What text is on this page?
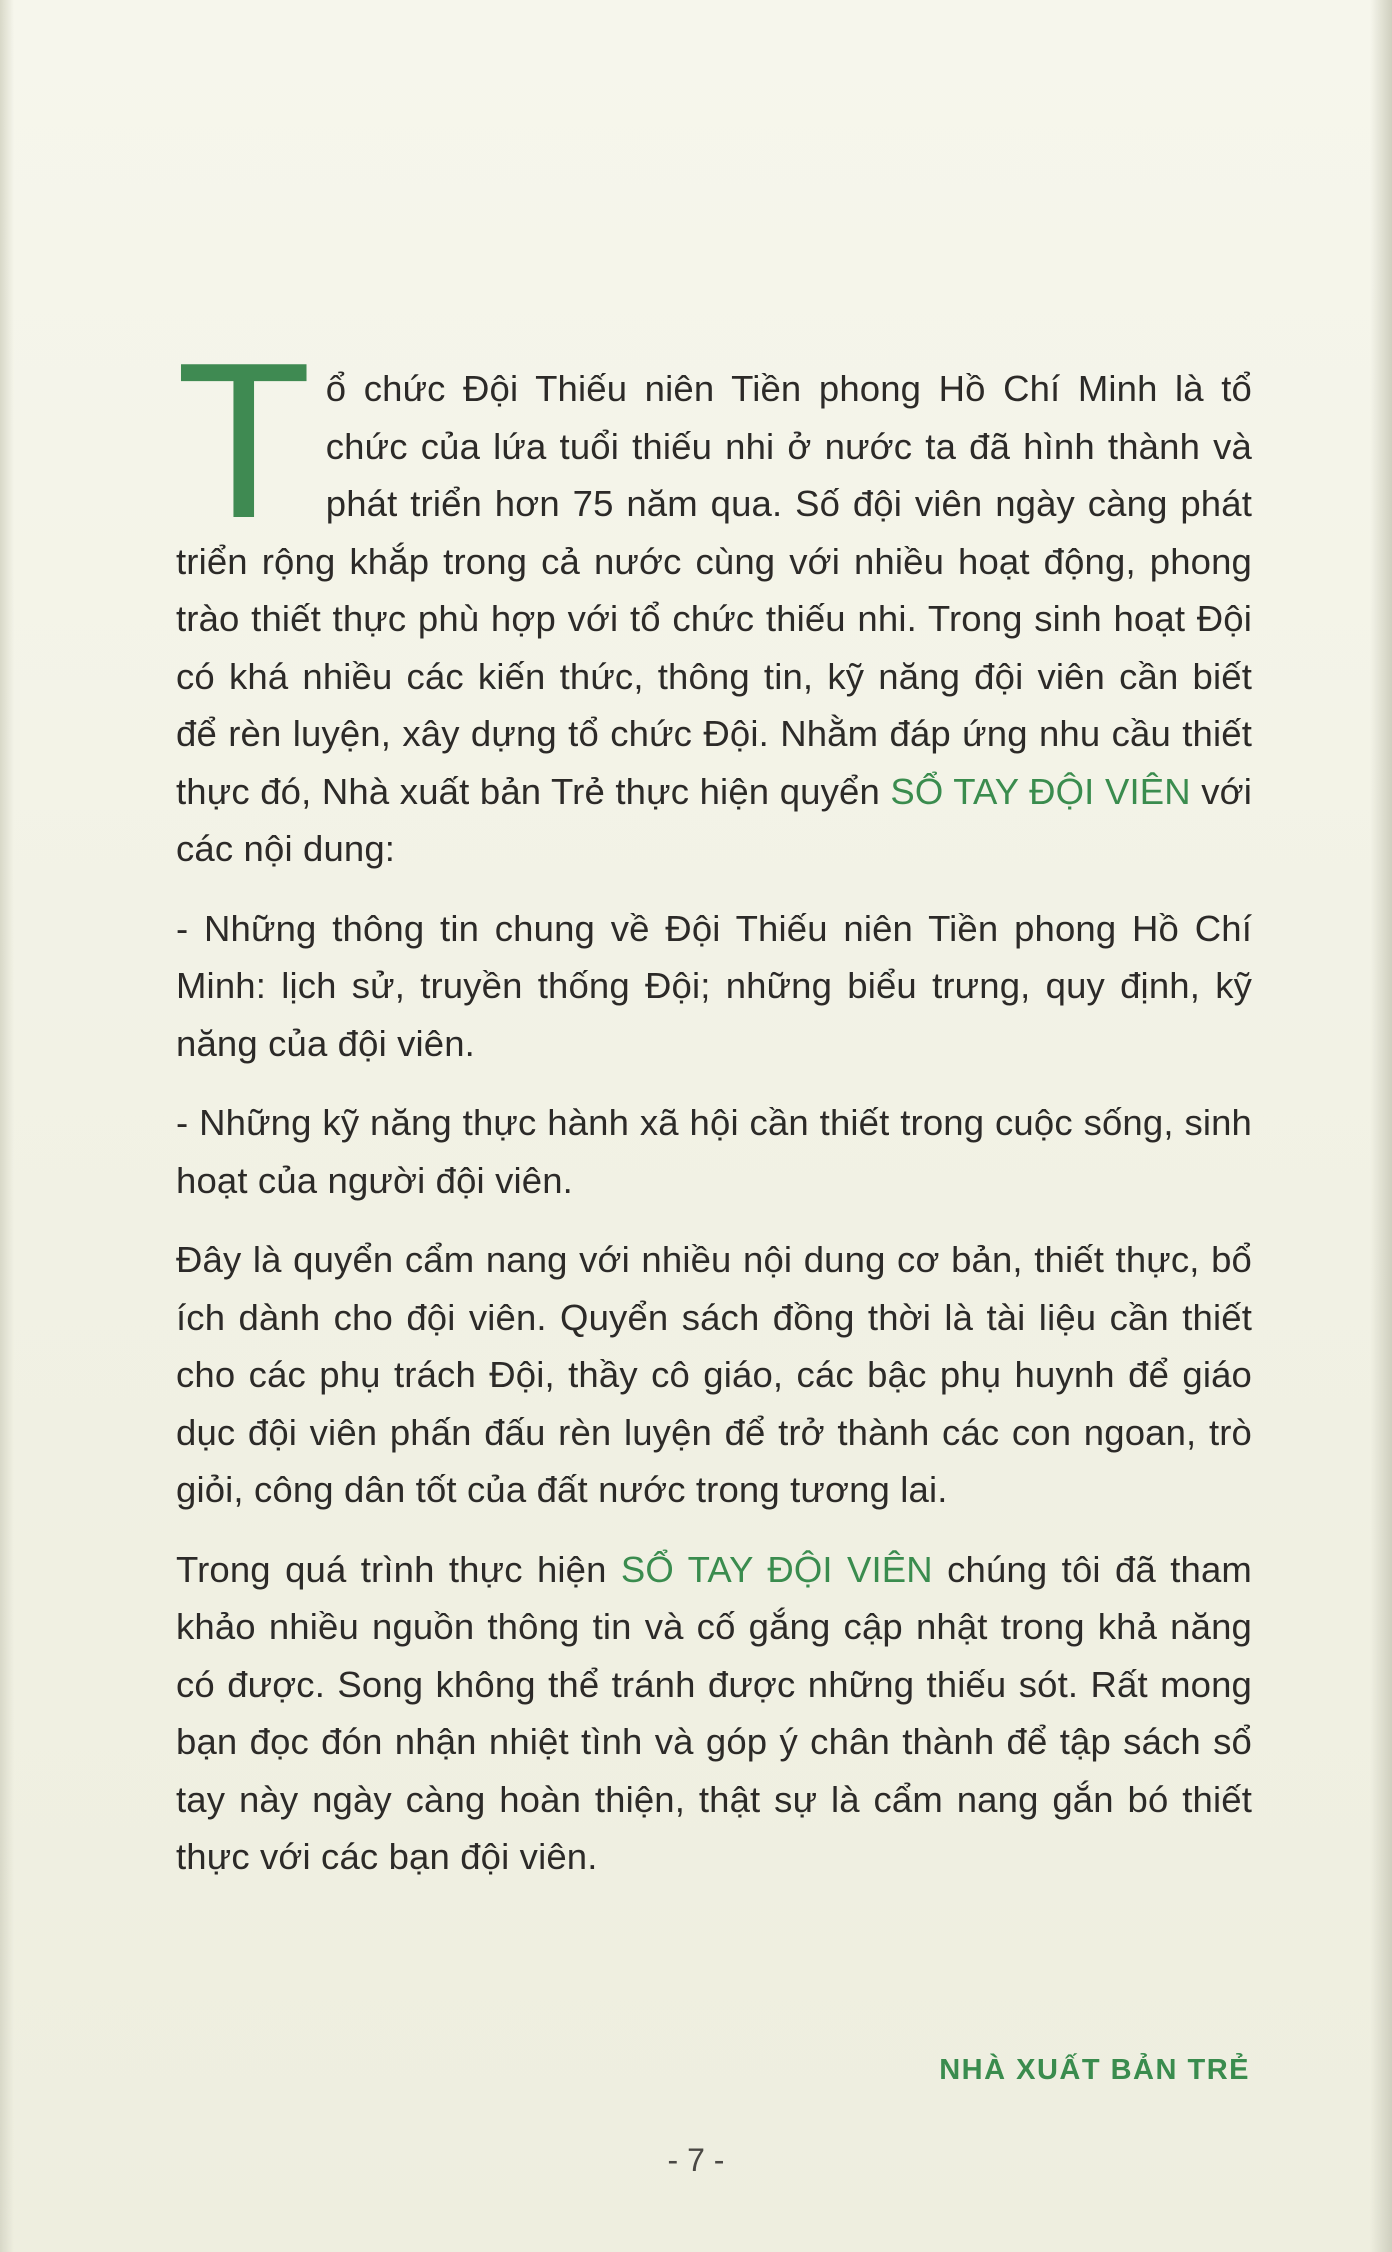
Tổ chức Đội Thiếu niên Tiền phong Hồ Chí Minh là tổ chức của lứa tuổi thiếu nhi ở nước ta đã hình thành và phát triển hơn 75 năm qua. Số đội viên ngày càng phát triển rộng khắp trong cả nước cùng với nhiều hoạt động, phong trào thiết thực phù hợp với tổ chức thiếu nhi. Trong sinh hoạt Đội có khá nhiều các kiến thức, thông tin, kỹ năng đội viên cần biết để rèn luyện, xây dựng tổ chức Đội. Nhằm đáp ứng nhu cầu thiết thực đó, Nhà xuất bản Trẻ thực hiện quyển SỔ TAY ĐỘI VIÊN với các nội dung:

- Những thông tin chung về Đội Thiếu niên Tiền phong Hồ Chí Minh: lịch sử, truyền thống Đội; những biểu trưng, quy định, kỹ năng của đội viên.

- Những kỹ năng thực hành xã hội cần thiết trong cuộc sống, sinh hoạt của người đội viên.

Đây là quyển cẩm nang với nhiều nội dung cơ bản, thiết thực, bổ ích dành cho đội viên. Quyển sách đồng thời là tài liệu cần thiết cho các phụ trách Đội, thầy cô giáo, các bậc phụ huynh để giáo dục đội viên phấn đấu rèn luyện để trở thành các con ngoan, trò giỏi, công dân tốt của đất nước trong tương lai.

Trong quá trình thực hiện SỔ TAY ĐỘI VIÊN chúng tôi đã tham khảo nhiều nguồn thông tin và cố gắng cập nhật trong khả năng có được. Song không thể tránh được những thiếu sót. Rất mong bạn đọc đón nhận nhiệt tình và góp ý chân thành để tập sách sổ tay này ngày càng hoàn thiện, thật sự là cẩm nang gắn bó thiết thực với các bạn đội viên.

NHÀ XUẤT BẢN TRẺ
- 7 -
